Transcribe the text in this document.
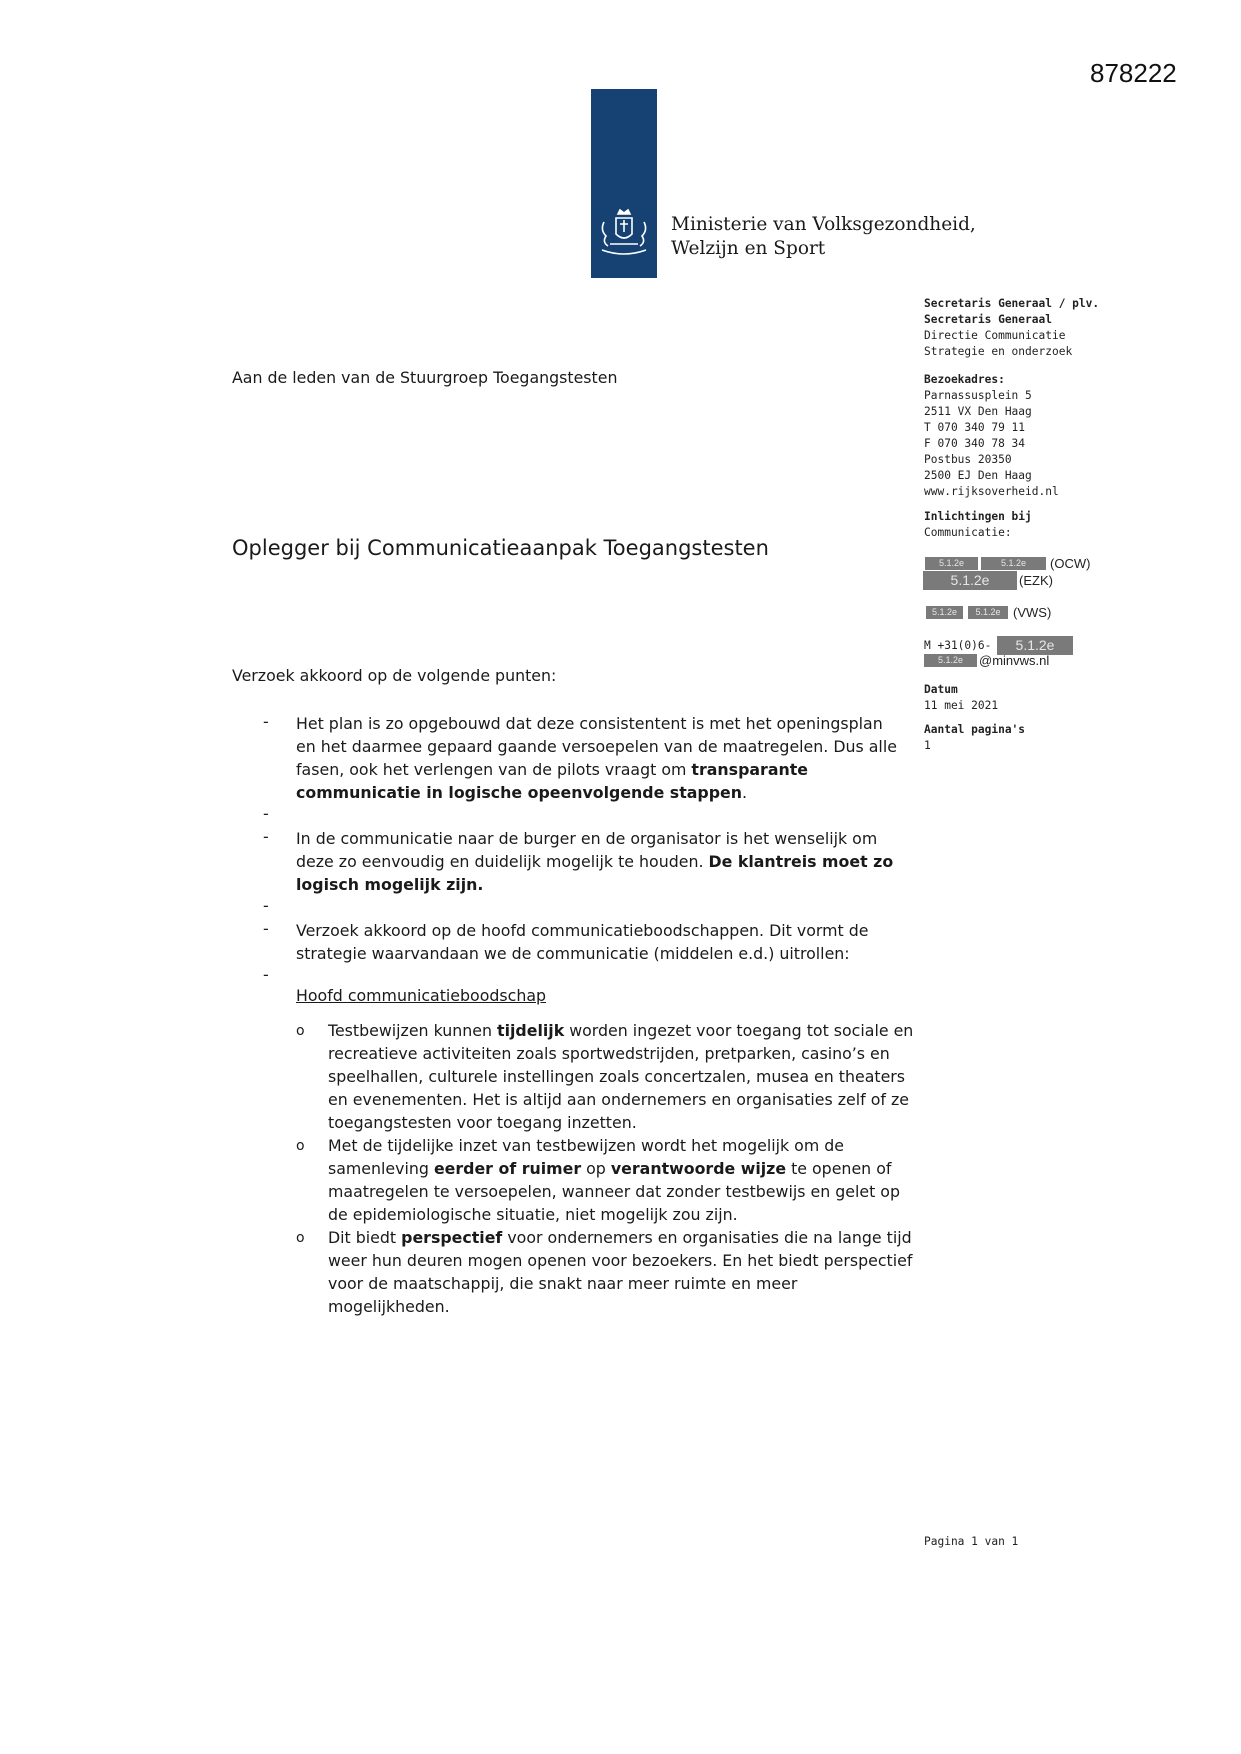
878222
Ministerie van Volksgezondheid,
Welzijn en Sport
Secretaris Generaal / plv.
Secretaris Generaal
Directie Communicatie
Strategie en onderzoek
Bezoekadres:
Parnassusplein 5
2511 VX Den Haag
T 070 340 79 11
F 070 340 78 34
Postbus 20350
2500 EJ Den Haag
www.rijksoverheid.nl
Inlichtingen bij
Communicatie:
5.1.2e	5.1.2e	(OCW)
5.1.2e	(EZK)
5.1.2e	5.1.2e (VWS)
M +31(0)6-	5.1.2e
5.1.2e	@minvws.nl
Datum
11 mei 2021
Aantal pagina's
1
Aan de leden van de Stuurgroep Toegangstesten
Oplegger bij Communicatieaanpak Toegangstesten
Verzoek akkoord op de volgende punten:
- Het plan is zo opgebouwd dat deze consistentent is met het openingsplan en het daarmee gepaard gaande versoepelen van de maatregelen. Dus alle fasen, ook het verlengen van de pilots vraagt om transparante communicatie in logische opeenvolgende stappen.
-
- In de communicatie naar de burger en de organisator is het wenselijk om deze zo eenvoudig en duidelijk mogelijk te houden. De klantreis moet zo logisch mogelijk zijn.
-
- Verzoek akkoord op de hoofd communicatieboodschappen. Dit vormt de strategie waarvandaan we de communicatie (middelen e.d.) uitrollen:
-
Hoofd communicatieboodschap
o Testbewijzen kunnen tijdelijk worden ingezet voor toegang tot sociale en recreatieve activiteiten zoals sportwedstrijden, pretparken, casino’s en speelhallen, culturele instellingen zoals concertzalen, musea en theaters en evenementen. Het is altijd aan ondernemers en organisaties zelf of ze toegangstesten voor toegang inzetten.
o Met de tijdelijke inzet van testbewijzen wordt het mogelijk om de samenleving eerder of ruimer op verantwoorde wijze te openen of maatregelen te versoepelen, wanneer dat zonder testbewijs en gelet op de epidemiologische situatie, niet mogelijk zou zijn.
o Dit biedt perspectief voor ondernemers en organisaties die na lange tijd weer hun deuren mogen openen voor bezoekers. En het biedt perspectief voor de maatschappij, die snakt naar meer ruimte en meer mogelijkheden.
Pagina 1 van 1
